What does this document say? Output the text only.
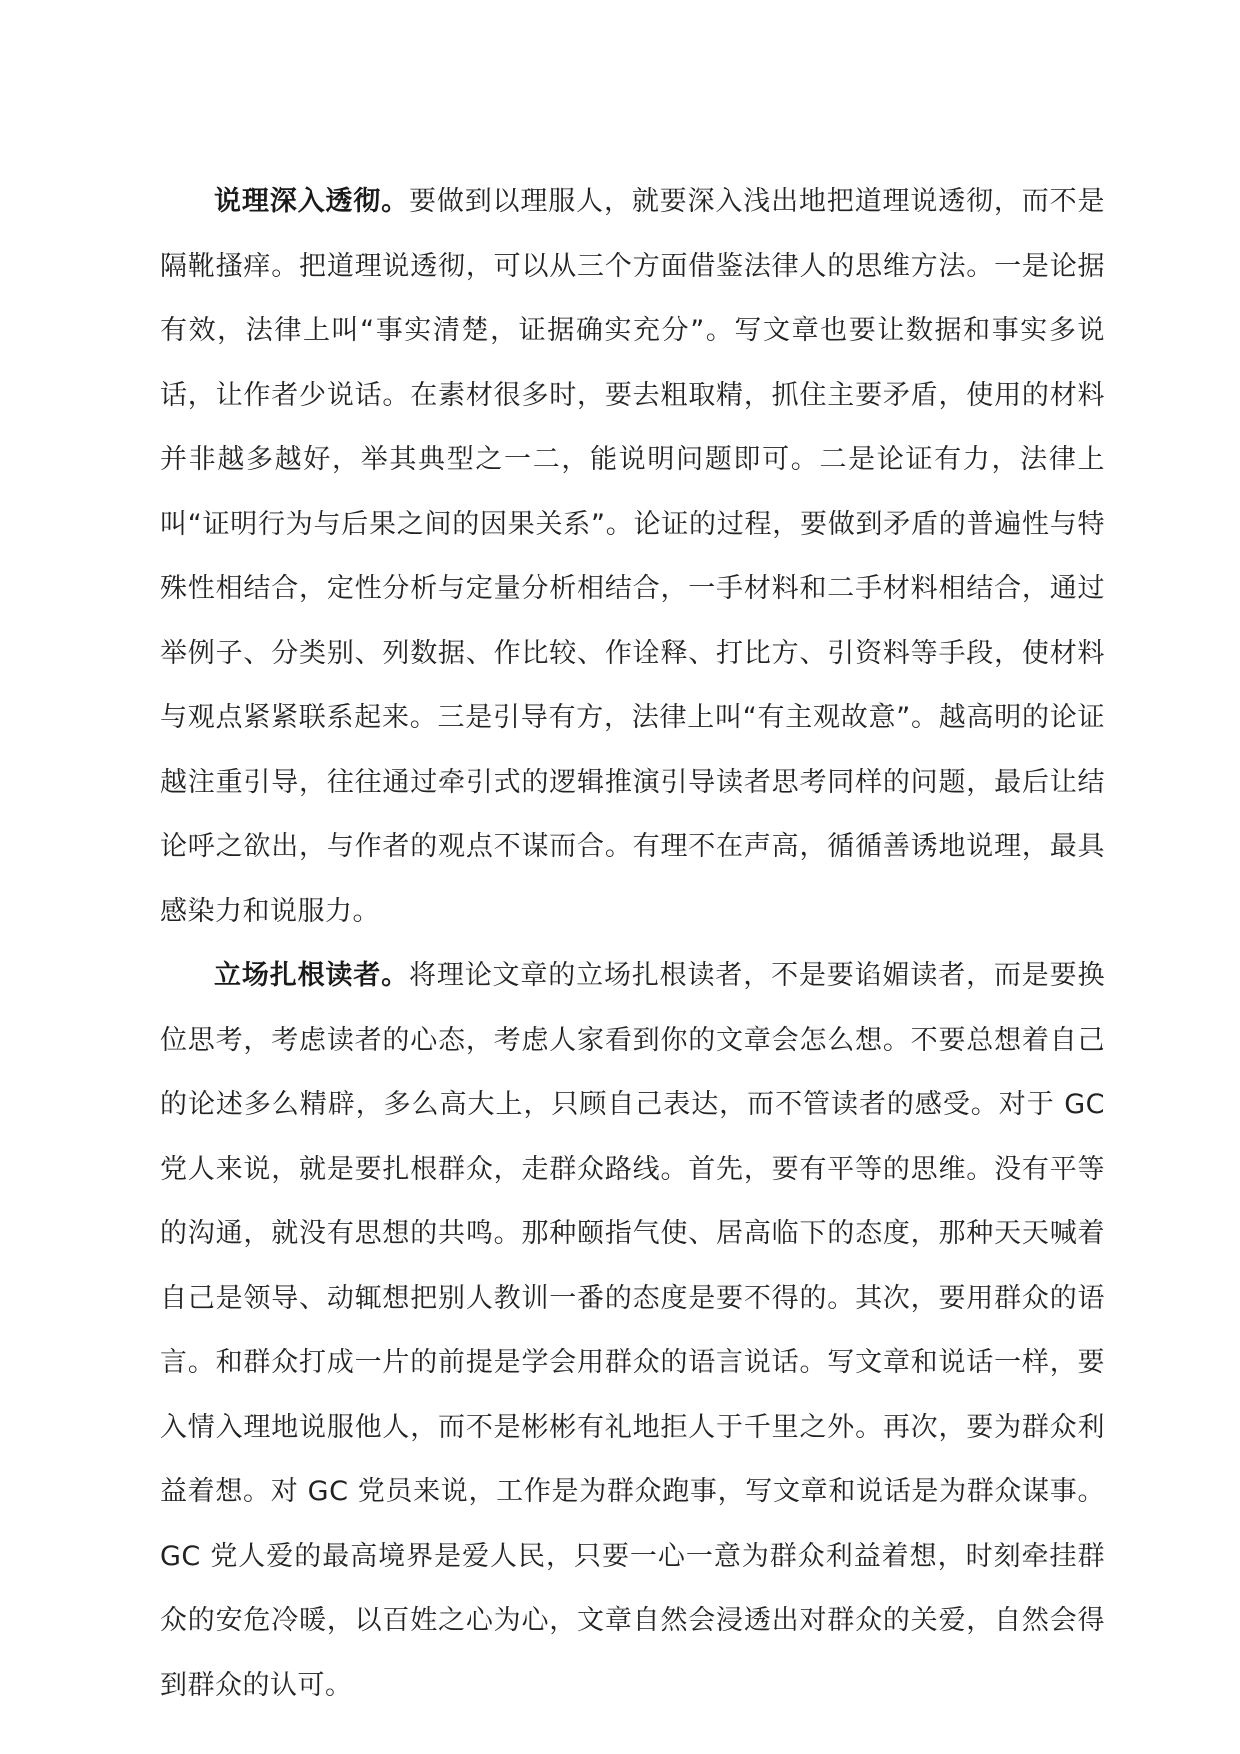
说理深入透彻。要做到以理服人，就要深入浅出地把道理说透彻，而不是隔靴搔痒。把道理说透彻，可以从三个方面借鉴法律人的思维方法。一是论据有效，法律上叫“事实清楚，证据确实充分”。写文章也要让数据和事实多说话，让作者少说话。在素材很多时，要去粗取精，抓住主要矛盾，使用的材料并非越多越好，举其典型之一二，能说明问题即可。二是论证有力，法律上叫“证明行为与后果之间的因果关系”。论证的过程，要做到矛盾的普遍性与特殊性相结合，定性分析与定量分析相结合，一手材料和二手材料相结合，通过举例子、分类别、列数据、作比较、作诠释、打比方、引资料等手段，使材料与观点紧紧联系起来。三是引导有方，法律上叫“有主观故意”。越高明的论证越注重引导，往往通过牵引式的逻辑推演引导读者思考同样的问题，最后让结论呼之欲出，与作者的观点不谋而合。有理不在声高，循循善诱地说理，最具感染力和说服力。

立场扎根读者。将理论文章的立场扎根读者，不是要谄媚读者，而是要换位思考，考虑读者的心态，考虑人家看到你的文章会怎么想。不要总想着自己的论述多么精辟，多么高大上，只顾自己表达，而不管读者的感受。对于 GC 党人来说，就是要扎根群众，走群众路线。首先，要有平等的思维。没有平等的沟通，就没有思想的共鸣。那种颐指气使、居高临下的态度，那种天天喊着自己是领导、动辄想把别人教训一番的态度是要不得的。其次，要用群众的语言。和群众打成一片的前提是学会用群众的语言说话。写文章和说话一样，要入情入理地说服他人，而不是彬彬有礼地拒人于千里之外。再次，要为群众利益着想。对 GC 党员来说，工作是为群众跑事，写文章和说话是为群众谋事。GC 党人爱的最高境界是爱人民，只要一心一意为群众利益着想，时刻牵挂群众的安危冷暖，以百姓之心为心，文章自然会浸透出对群众的关爱，自然会得到群众的认可。
